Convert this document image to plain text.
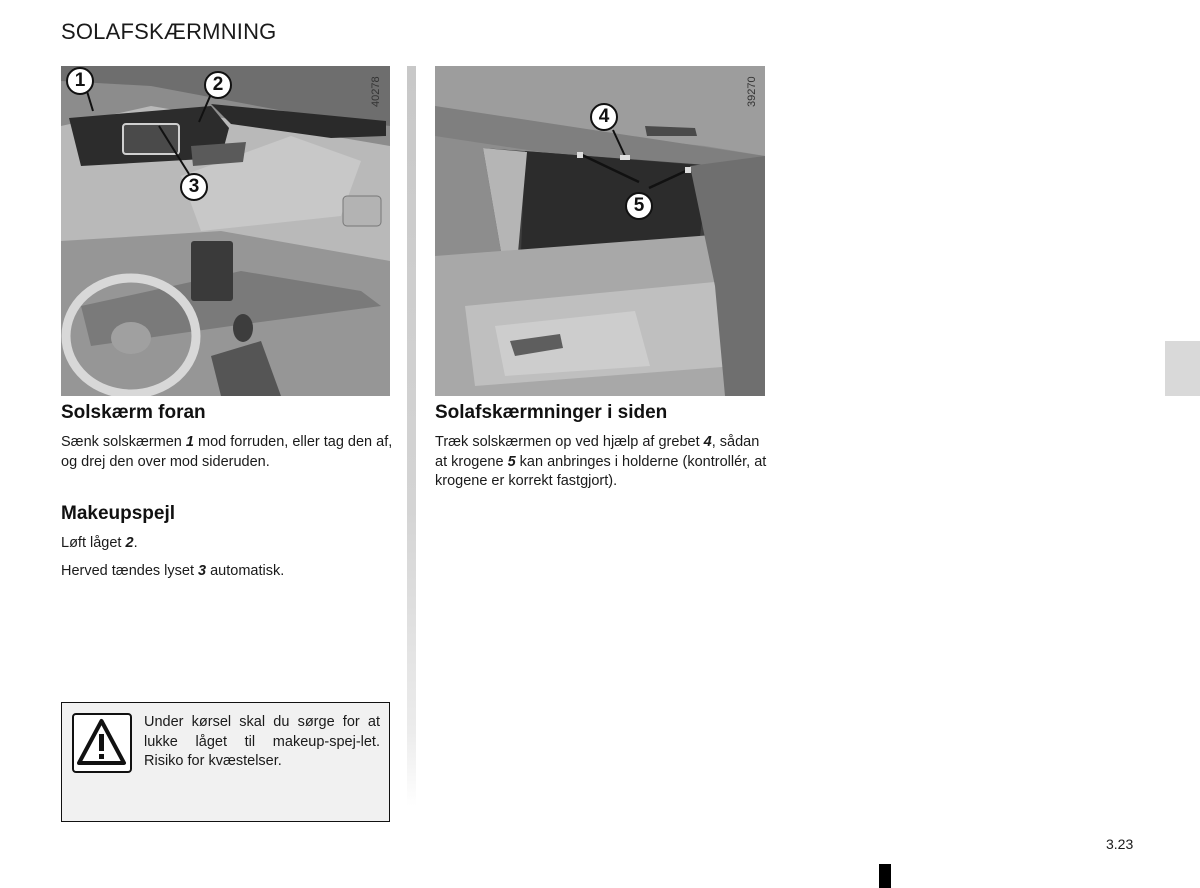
SOLAFSKÆRMNING
1	2
3
40278
4
5
39270
Solskærm foran
Sænk solskærmen 1 mod forruden, eller tag den af, og drej den over mod sideruden.
Makeupspejl
Løft låget 2.
Herved tændes lyset 3 automatisk.
Under kørsel skal du sørge for at lukke låget til makeup-spej-let. Risiko for kvæstelser.
Solafskærmninger i siden
Træk solskærmen op ved hjælp af grebet 4, sådan at krogene 5 kan anbringes i holderne (kontrollér, at krogene er korrekt fastgjort).
3.23
